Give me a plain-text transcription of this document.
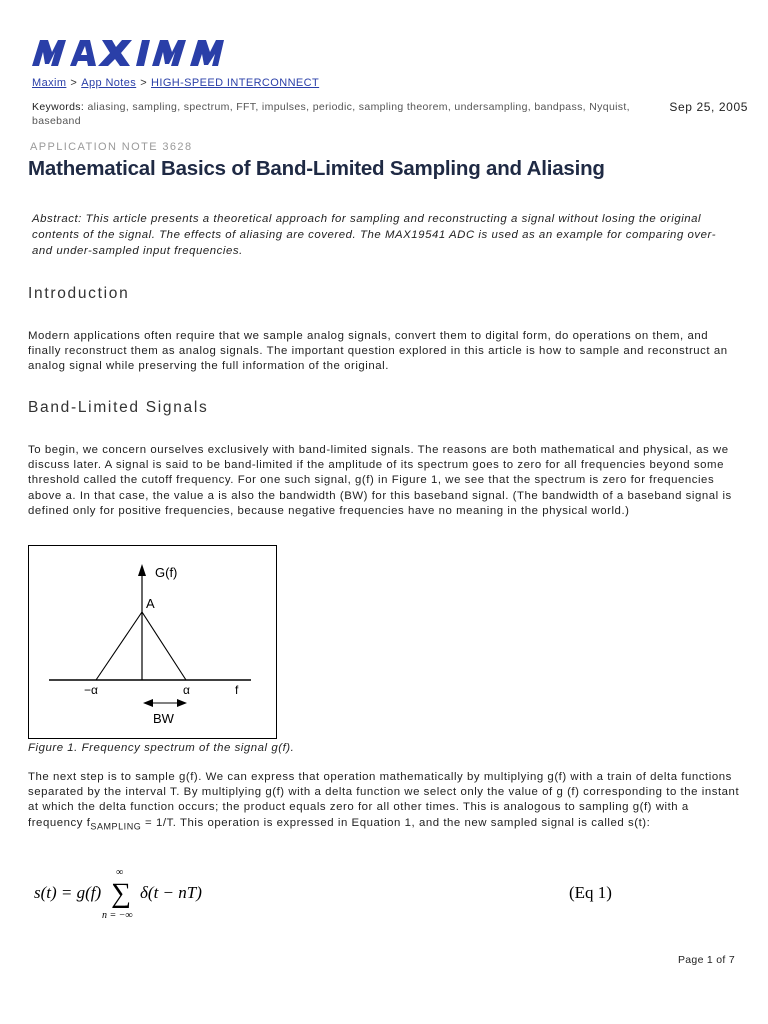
Maxim > App Notes > HIGH-SPEED INTERCONNECT
Keywords: aliasing, sampling, spectrum, FFT, impulses, periodic, sampling theorem, undersampling, bandpass, Nyquist, baseband
Sep 25, 2005
APPLICATION NOTE 3628
Mathematical Basics of Band-Limited Sampling and Aliasing

Abstract: This article presents a theoretical approach for sampling and reconstructing a signal without losing the original contents of the signal. The effects of aliasing are covered. The MAX19541 ADC is used as an example for comparing over- and under-sampled input frequencies.

Introduction

Modern applications often require that we sample analog signals, convert them to digital form, do operations on them, and finally reconstruct them as analog signals. The important question explored in this article is how to sample and reconstruct an analog signal while preserving the full information of the original.

Band-Limited Signals

To begin, we concern ourselves exclusively with band-limited signals. The reasons are both mathematical and physical, as we discuss later. A signal is said to be band-limited if the amplitude of its spectrum goes to zero for all frequencies beyond some threshold called the cutoff frequency. For one such signal, g(f) in Figure 1, we see that the spectrum is zero for frequencies above a. In that case, the value a is also the bandwidth (BW) for this baseband signal. (The bandwidth of a baseband signal is defined only for positive frequencies, because negative frequencies have no meaning in the physical world.)

G(f)
A
−α	α	f
BW
Figure 1. Frequency spectrum of the signal g(f).

The next step is to sample g(f). We can express that operation mathematically by multiplying g(f) with a train of delta functions separated by the interval T. By multiplying g(f) with a delta function we select only the value of g (f) corresponding to the instant at which the delta function occurs; the product equals zero for all other times. This is analogous to sampling g(f) with a frequency $f_{SAMPLING} = 1/T$. This operation is expressed in Equation 1, and the new sampled signal is called s(t):

s(t) = g(f)
∞
∑
n = −∞
δ(t − nT)	(Eq 1)
Page 1 of 7
